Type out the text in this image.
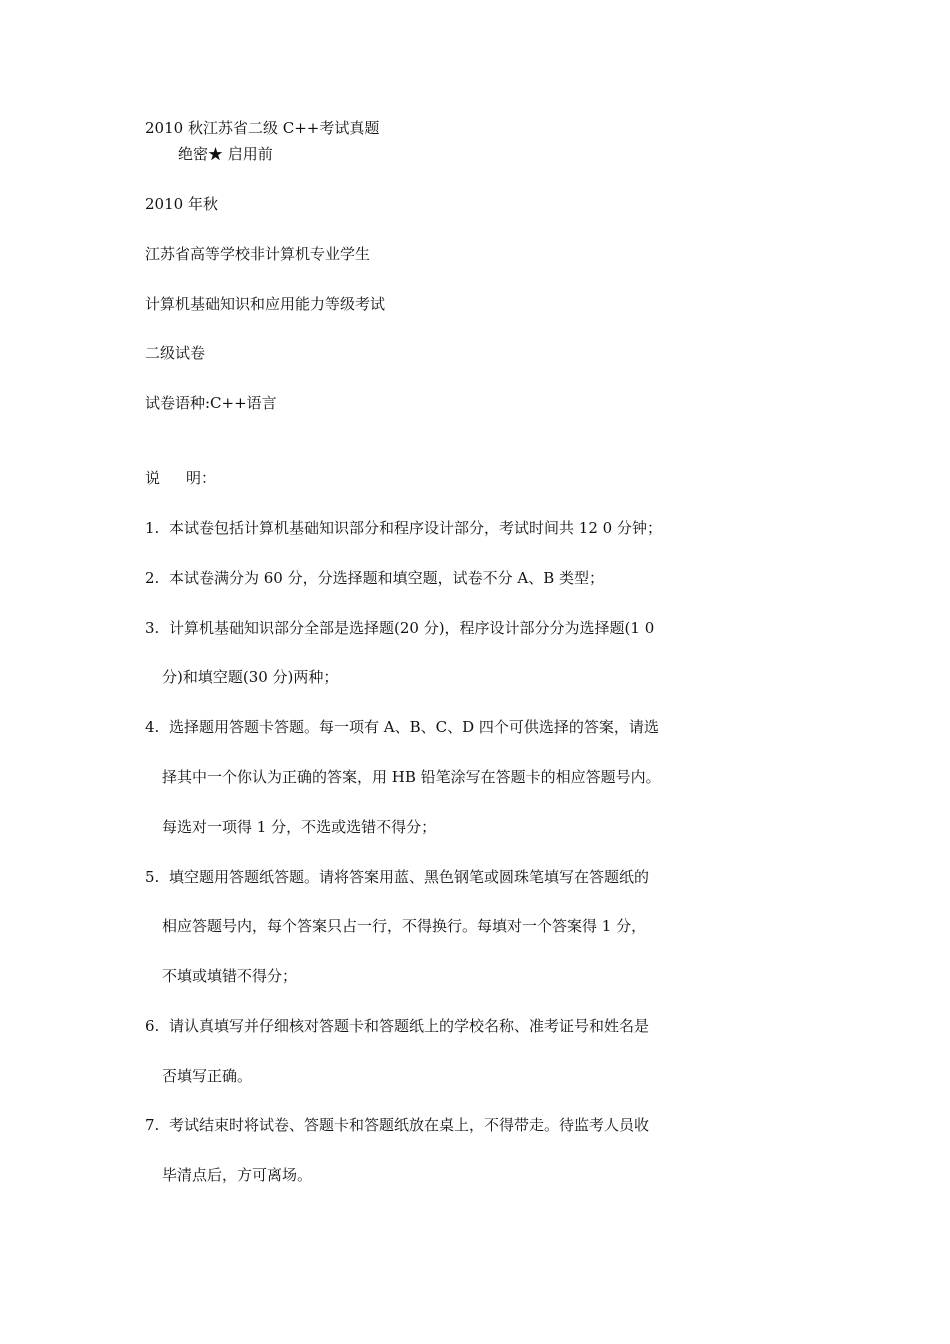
2010 秋江苏省二级 C++考试真题
绝密★ 启用前
2010 年秋
江苏省高等学校非计算机专业学生
计算机基础知识和应用能力等级考试
二级试卷
试卷语种:C++语言
说 明：
1. 本试卷包括计算机基础知识部分和程序设计部分，考试时间共 12 0 分钟；
2. 本试卷满分为 60 分，分选择题和填空题，试卷不分 A、B 类型；
3. 计算机基础知识部分全部是选择题(20 分)，程序设计部分分为选择题(1 0
分)和填空题(30 分)两种；
4. 选择题用答题卡答题。每一项有 A、B、C、D 四个可供选择的答案，请选
择其中一个你认为正确的答案，用 HB 铅笔涂写在答题卡的相应答题号内。
每选对一项得 1 分，不选或选错不得分；
5. 填空题用答题纸答题。请将答案用蓝、黑色钢笔或圆珠笔填写在答题纸的
相应答题号内，每个答案只占一行，不得换行。每填对一个答案得 1 分，
不填或填错不得分；
6. 请认真填写并仔细核对答题卡和答题纸上的学校名称、准考证号和姓名是
否填写正确。
7. 考试结束时将试卷、答题卡和答题纸放在桌上，不得带走。待监考人员收
毕清点后，方可离场。
